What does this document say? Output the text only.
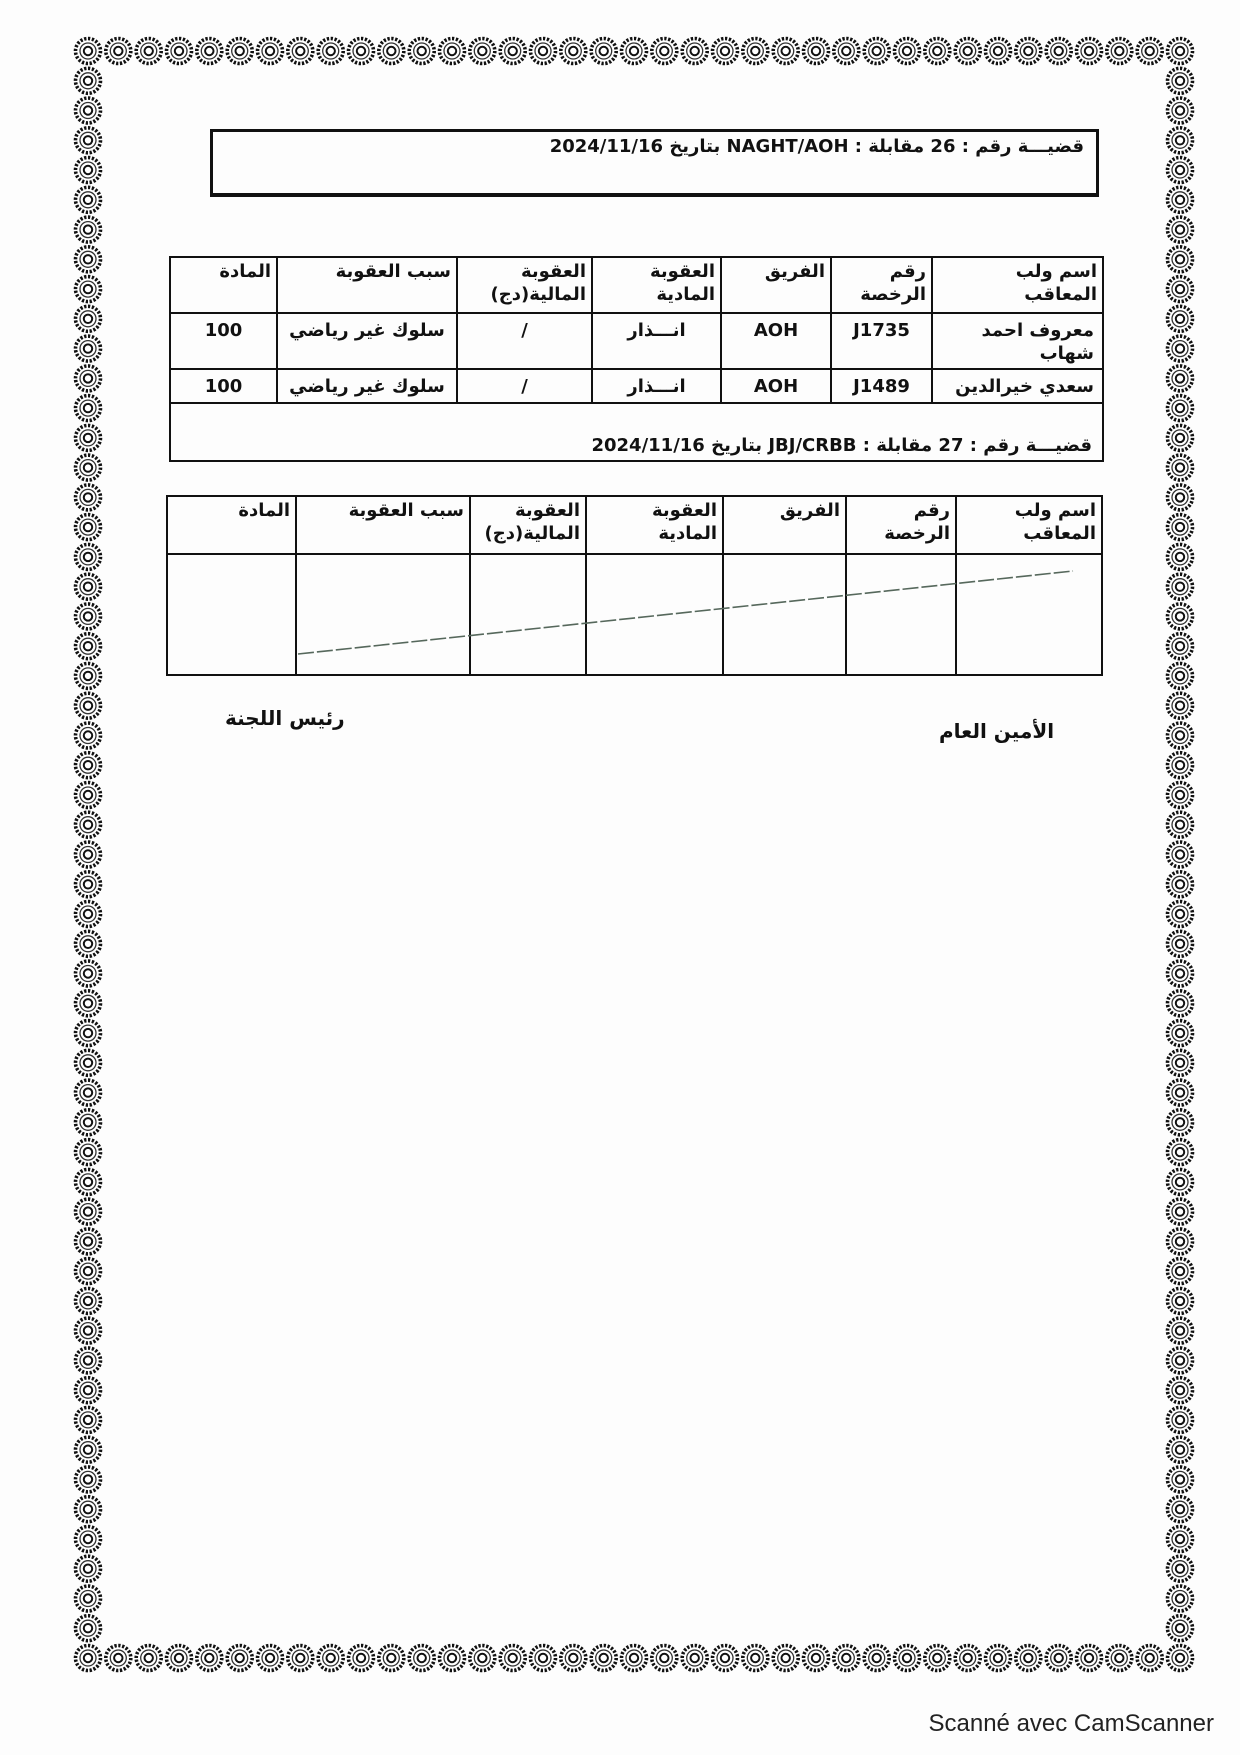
قضيـــة رقم : 26 مقابلة : NAGHT/AOH بتاريخ 2024/11/16
اسم ولب المعاقب	رقم الرخصة	الفريق	العقوبة المادية	العقوبة المالية(دج)	سبب العقوبة	المادة
معروف احمد شهاب	J1735	AOH	انـــذار	/	سلوك غير رياضي	100
سعدي خيرالدين	J1489	AOH	انـــذار	/	سلوك غير رياضي	100
قضيـــة رقم : 27 مقابلة : JBJ/CRBB بتاريخ 2024/11/16						
اسم ولب المعاقب	رقم الرخصة	الفريق	العقوبة المادية	العقوبة المالية(دج)	سبب العقوبة	المادة

رئيس اللجنة
الأمين العام
Scanné avec CamScanner
